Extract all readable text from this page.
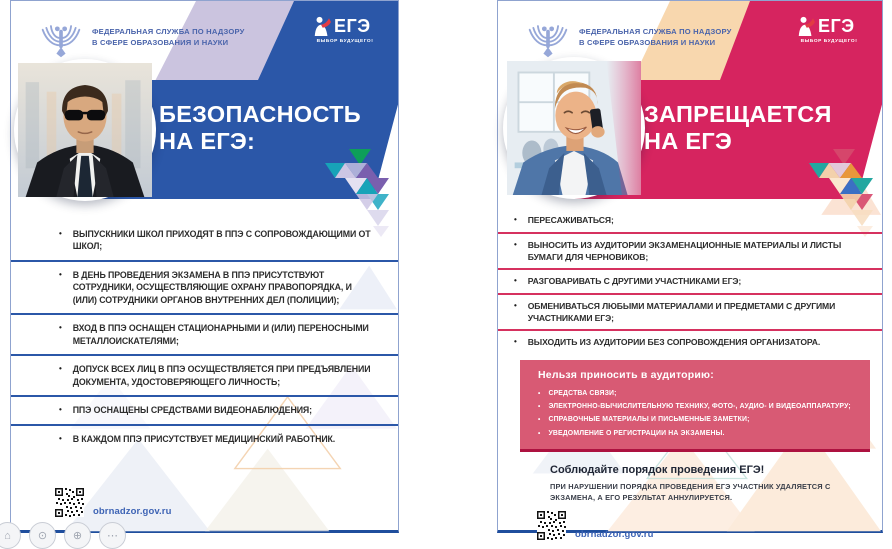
ФЕДЕРАЛЬНАЯ СЛУЖБА ПО НАДЗОРУ
В СФЕРЕ ОБРАЗОВАНИЯ И НАУКИ
ЕГЭ
ВЫБОР БУДУЩЕГО!
БЕЗОПАСНОСТЬ
НА ЕГЭ:
• ВЫПУСКНИКИ ШКОЛ ПРИХОДЯТ В ППЭ С СОПРОВОЖДАЮЩИМИ ОТ ШКОЛ;
• В ДЕНЬ ПРОВЕДЕНИЯ ЭКЗАМЕНА В ППЭ ПРИСУТСТВУЮТ СОТРУДНИКИ, ОСУЩЕСТВЛЯЮЩИЕ ОХРАНУ ПРАВОПОРЯДКА, И (ИЛИ) СОТРУДНИКИ ОРГАНОВ ВНУТРЕННИХ ДЕЛ (ПОЛИЦИИ);
• ВХОД В ППЭ ОСНАЩЕН СТАЦИОНАРНЫМИ И (ИЛИ) ПЕРЕНОСНЫМИ МЕТАЛЛОИСКАТЕЛЯМИ;
• ДОПУСК ВСЕХ ЛИЦ В ППЭ ОСУЩЕСТВЛЯЕТСЯ ПРИ ПРЕДЪЯВЛЕНИИ ДОКУМЕНТА, УДОСТОВЕРЯЮЩЕГО ЛИЧНОСТЬ;
• ППЭ ОСНАЩЕНЫ СРЕДСТВАМИ ВИДЕОНАБЛЮДЕНИЯ;
• В КАЖДОМ ППЭ ПРИСУТСТВУЕТ МЕДИЦИНСКИЙ РАБОТНИК.
obrnadzor.gov.ru
ФЕДЕРАЛЬНАЯ СЛУЖБА ПО НАДЗОРУ
В СФЕРЕ ОБРАЗОВАНИЯ И НАУКИ
ЕГЭ
ВЫБОР БУДУЩЕГО!
ЗАПРЕЩАЕТСЯ
НА ЕГЭ
• ПЕРЕСАЖИВАТЬСЯ;
• ВЫНОСИТЬ ИЗ АУДИТОРИИ ЭКЗАМЕНАЦИОННЫЕ МАТЕРИАЛЫ И ЛИСТЫ БУМАГИ ДЛЯ ЧЕРНОВИКОВ;
• РАЗГОВАРИВАТЬ С ДРУГИМИ УЧАСТНИКАМИ ЕГЭ;
• ОБМЕНИВАТЬСЯ ЛЮБЫМИ МАТЕРИАЛАМИ И ПРЕДМЕТАМИ С ДРУГИМИ УЧАСТНИКАМИ ЕГЭ;
• ВЫХОДИТЬ ИЗ АУДИТОРИИ БЕЗ СОПРОВОЖДЕНИЯ ОРГАНИЗАТОРА.
Нельзя приносить в аудиторию:
• СРЕДСТВА СВЯЗИ;
• ЭЛЕКТРОННО-ВЫЧИСЛИТЕЛЬНУЮ ТЕХНИКУ, ФОТО-, АУДИО- И ВИДЕОАППАРАТУРУ;
• СПРАВОЧНЫЕ МАТЕРИАЛЫ И ПИСЬМЕННЫЕ ЗАМЕТКИ;
• УВЕДОМЛЕНИЕ О РЕГИСТРАЦИИ НА ЭКЗАМЕНЫ.
Соблюдайте порядок проведения ЕГЭ!
ПРИ НАРУШЕНИИ ПОРЯДКА ПРОВЕДЕНИЯ ЕГЭ УЧАСТНИК УДАЛЯЕТСЯ С ЭКЗАМЕНА, А ЕГО РЕЗУЛЬТАТ АННУЛИРУЕТСЯ.
obrnadzor.gov.ru
⌂	⊙	⊕	⋯
